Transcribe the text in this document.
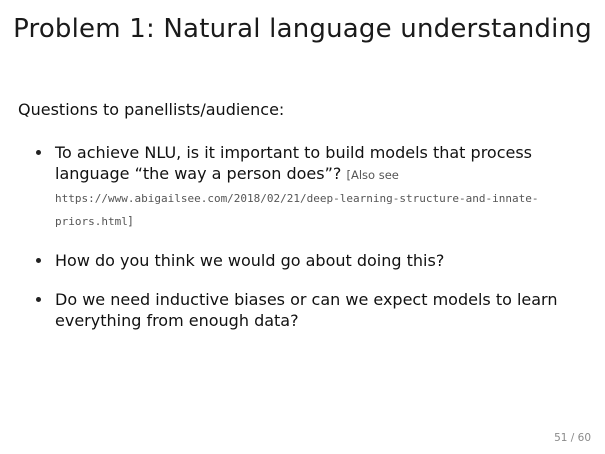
Problem 1: Natural language understanding

Questions to panellists/audience:

To achieve NLU, is it important to build models that process language “the way a person does”? [Also see https://www.abigailsee.com/2018/02/21/deep-learning-structure-and-innate-priors.html]
How do you think we would go about doing this?
Do we need inductive biases or can we expect models to learn everything from enough data?

51 / 60
